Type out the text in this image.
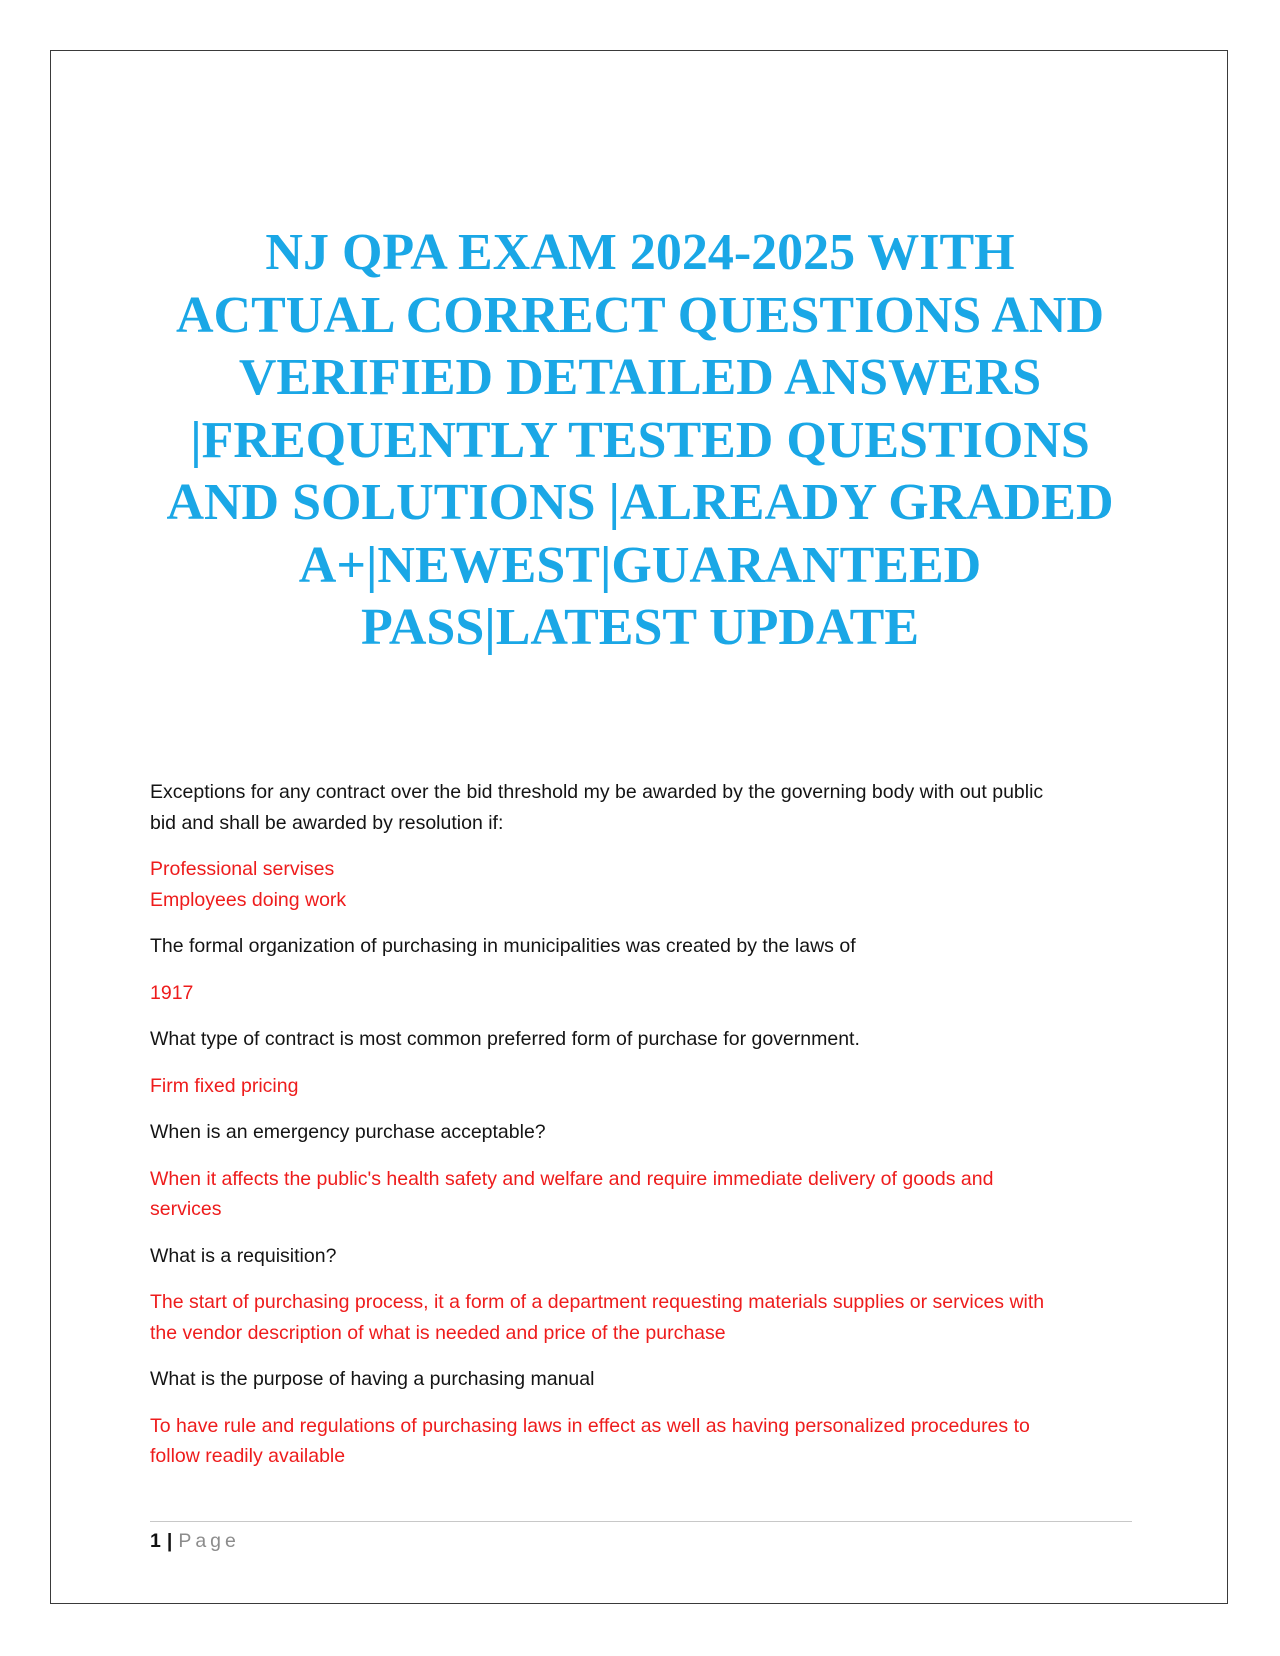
NJ QPA EXAM 2024-2025 WITH
ACTUAL CORRECT QUESTIONS AND
VERIFIED DETAILED ANSWERS
|FREQUENTLY TESTED QUESTIONS
AND SOLUTIONS |ALREADY GRADED
A+|NEWEST|GUARANTEED
PASS|LATEST UPDATE

Exceptions for any contract over the bid threshold my be awarded by the governing body with out public
bid and shall be awarded by resolution if:

Professional servises
Employees doing work

The formal organization of purchasing in municipalities was created by the laws of

1917

What type of contract is most common preferred form of purchase for government.

Firm fixed pricing

When is an emergency purchase acceptable?

When it affects the public's health safety and welfare and require immediate delivery of goods and
services

What is a requisition?

The start of purchasing process, it a form of a department requesting materials supplies or services with
the vendor description of what is needed and price of the purchase

What is the purpose of having a purchasing manual

To have rule and regulations of purchasing laws in effect as well as having personalized procedures to
follow readily available

1 | Page
